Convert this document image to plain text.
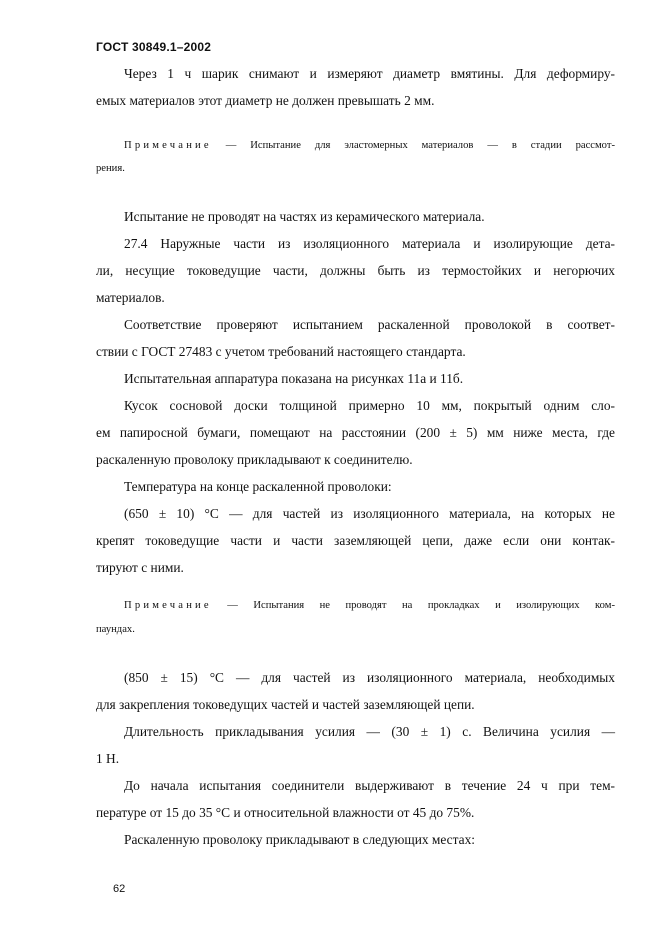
ГОСТ 30849.1–2002
Через 1 ч шарик снимают и измеряют диаметр вмятины. Для деформиру-
емых материалов этот диаметр не должен превышать 2 мм.
Примечание — Испытание для эластомерных материалов — в стадии рассмот-
рения.
Испытание не проводят на частях из керамического материала.
27.4 Наружные части из изоляционного материала и изолирующие дета-
ли, несущие токоведущие части, должны быть из термостойких и негорючих
материалов.
Соответствие проверяют испытанием раскаленной проволокой в соответ-
ствии с ГОСТ 27483 с учетом требований настоящего стандарта.
Испытательная аппаратура показана на рисунках 11а и 11б.
Кусок сосновой доски толщиной примерно 10 мм, покрытый одним сло-
ем папиросной бумаги, помещают на расстоянии (200 ± 5) мм ниже места, где
раскаленную проволоку прикладывают к соединителю.
Температура на конце раскаленной проволоки:
(650 ± 10) °С — для частей из изоляционного материала, на которых не
крепят токоведущие части и части заземляющей цепи, даже если они контак-
тируют с ними.
Примечание — Испытания не проводят на прокладках и изолирующих ком-
паундах.
(850 ± 15) °С — для частей из изоляционного материала, необходимых
для закрепления токоведущих частей и частей заземляющей цепи.
Длительность прикладывания усилия — (30 ± 1) с. Величина усилия —
1 Н.
До начала испытания соединители выдерживают в течение 24 ч при тем-
пературе от 15 до 35 °С и относительной влажности от 45 до 75%.
Раскаленную проволоку прикладывают в следующих местах:
62
